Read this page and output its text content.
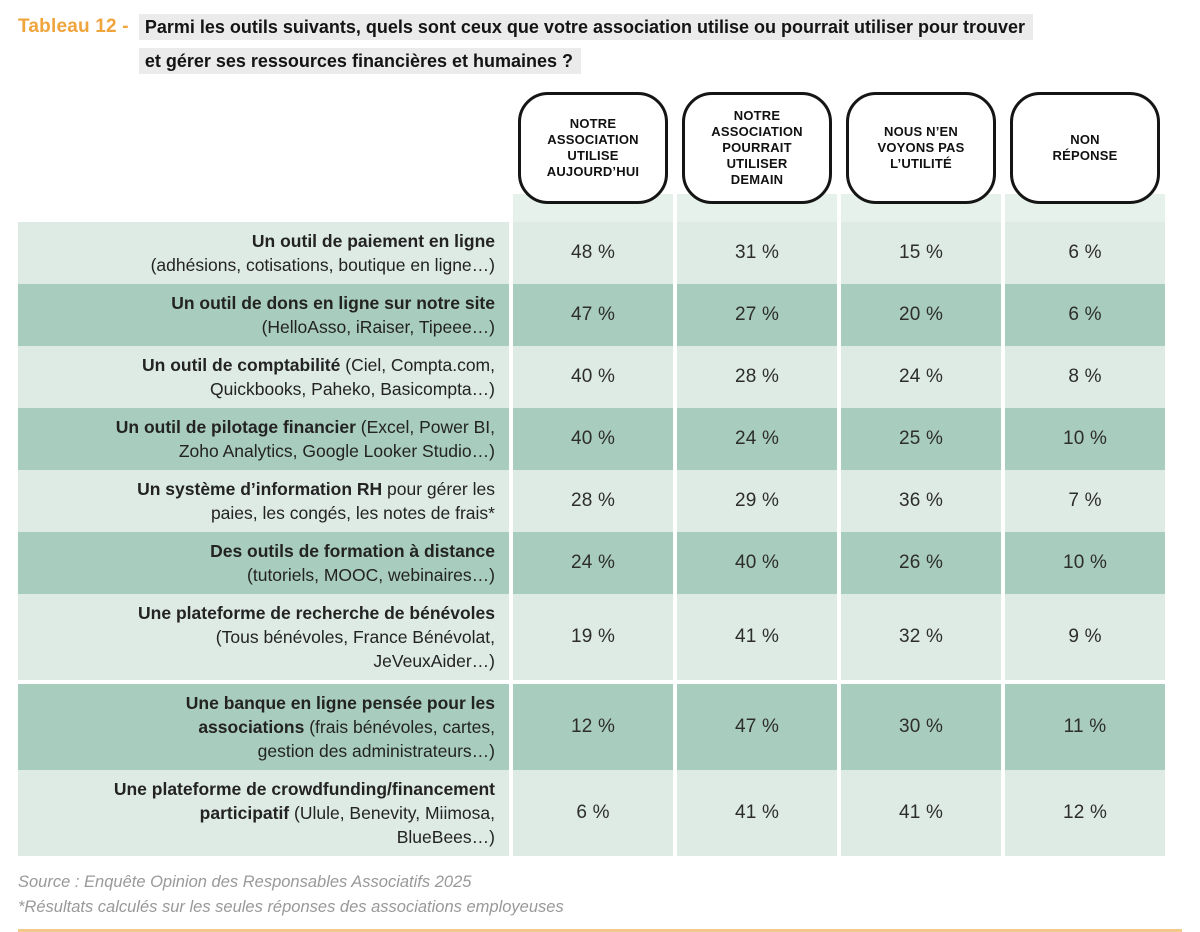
Tableau 12 - Parmi les outils suivants, quels sont ceux que votre association utilise ou pourrait utiliser pour trouver
et gérer ses ressources financières et humaines ?
NOTRE
ASSOCIATION
UTILISE
AUJOURD’HUI
NOTRE
ASSOCIATION
POURRAIT
UTILISER
DEMAIN
NOUS N’EN
VOYONS PAS
L’UTILITÉ
NON
RÉPONSE
Un outil de paiement en ligne
(adhésions, cotisations, boutique en ligne…)
48 %	31 %	15 %	6 %
Un outil de dons en ligne sur notre site
(HelloAsso, iRaiser, Tipeee…)
47 %	27 %	20 %	6 %
Un outil de comptabilité (Ciel, Compta.com,
Quickbooks, Paheko, Basicompta…)
40 %	28 %	24 %	8 %
Un outil de pilotage financier (Excel, Power BI,
Zoho Analytics, Google Looker Studio…)
40 %	24 %	25 %	10 %
Un système d’information RH pour gérer les
paies, les congés, les notes de frais*
28 %	29 %	36 %	7 %
Des outils de formation à distance
(tutoriels, MOOC, webinaires…)
24 %	40 %	26 %	10 %
Une plateforme de recherche de bénévoles
(Tous bénévoles, France Bénévolat,
JeVeuxAider…)
19 %	41 %	32 %	9 %
Une banque en ligne pensée pour les
associations (frais bénévoles, cartes,
gestion des administrateurs…)
12 %	47 %	30 %	11 %
Une plateforme de crowdfunding/financement
participatif (Ulule, Benevity, Miimosa,
BlueBees…)
6 %	41 %	41 %	12 %
Source : Enquête Opinion des Responsables Associatifs 2025
*Résultats calculés sur les seules réponses des associations employeuses
